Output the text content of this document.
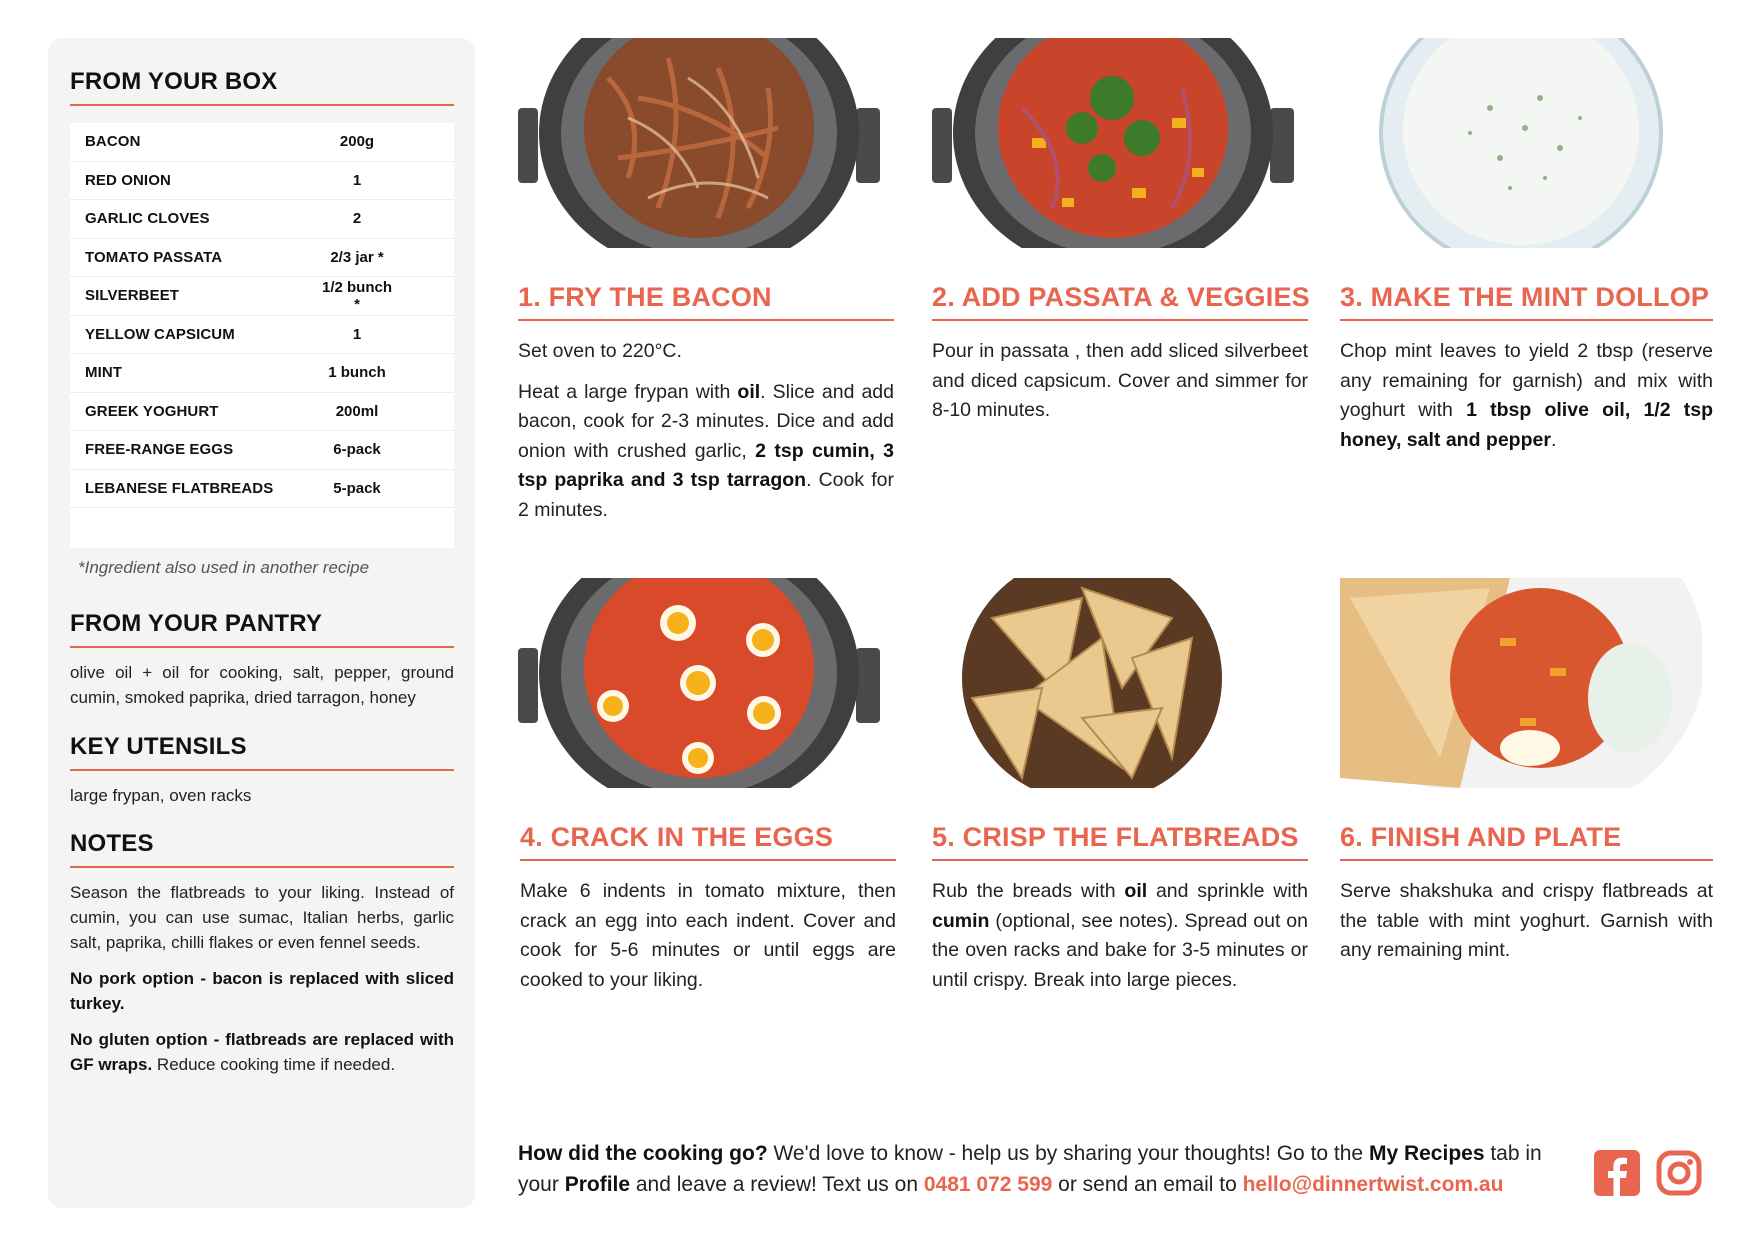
FROM YOUR BOX
BACON	200g
RED ONION	1
GARLIC CLOVES	2
TOMATO PASSATA	2/3 jar *
SILVERBEET	1/2 bunch *
YELLOW CAPSICUM	1
MINT	1 bunch
GREEK YOGHURT	200ml
FREE-RANGE EGGS	6-pack
LEBANESE FLATBREADS	5-pack
*Ingredient also used in another recipe
FROM YOUR PANTRY

olive oil + oil for cooking, salt, pepper, ground cumin, smoked paprika, dried tarragon, honey

KEY UTENSILS

large frypan, oven racks

NOTES

Season the flatbreads to your liking. Instead of cumin, you can use sumac, Italian herbs, garlic salt, paprika, chilli flakes or even fennel seeds.

No pork option - bacon is replaced with sliced turkey.

No gluten option - flatbreads are replaced with GF wraps. Reduce cooking time if needed.

1. FRY THE BACON

Set oven to 220°C.

Heat a large frypan with oil. Slice and add bacon, cook for 2-3 minutes. Dice and add onion with crushed garlic, 2 tsp cumin, 3 tsp paprika and 3 tsp tarragon. Cook for 2 minutes.

2. ADD PASSATA & VEGGIES

Pour in passata , then add sliced silverbeet and diced capsicum. Cover and simmer for 8-10 minutes.

3. MAKE THE MINT DOLLOP

Chop mint leaves to yield 2 tbsp (reserve any remaining for garnish) and mix with yoghurt with 1 tbsp olive oil, 1/2 tsp honey, salt and pepper.

4. CRACK IN THE EGGS

Make 6 indents in tomato mixture, then crack an egg into each indent. Cover and cook for 5-6 minutes or until eggs are cooked to your liking.

5. CRISP THE FLATBREADS

Rub the breads with oil and sprinkle with cumin (optional, see notes). Spread out on the oven racks and bake for 3-5 minutes or until crispy. Break into large pieces.

6. FINISH AND PLATE

Serve shakshuka and crispy flatbreads at the table with mint yoghurt. Garnish with any remaining mint.

How did the cooking go? We'd love to know - help us by sharing your thoughts! Go to the My Recipes tab in your Profile and leave a review! Text us on 0481 072 599 or send an email to hello@dinnertwist.com.au
